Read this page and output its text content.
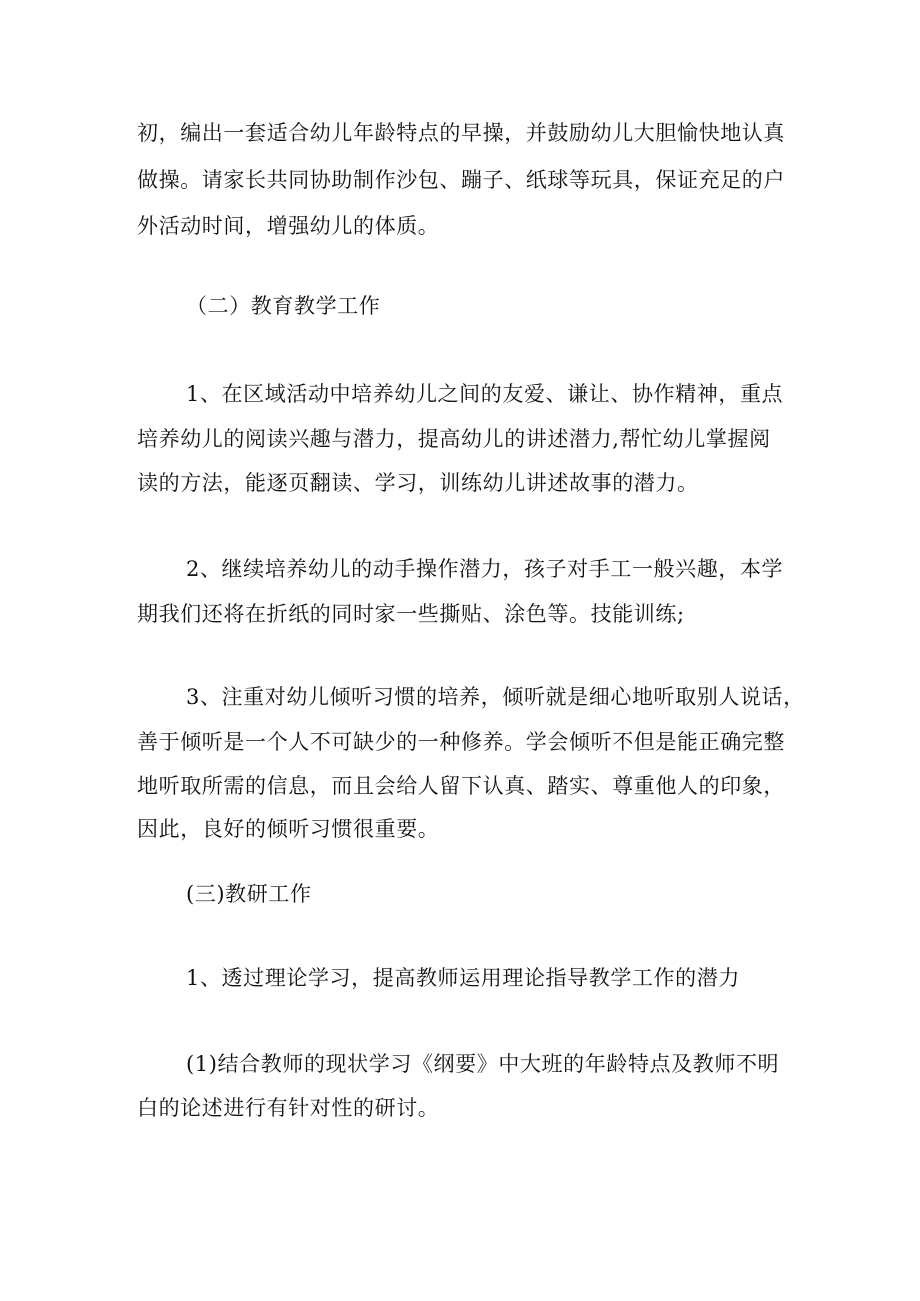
初，编出一套适合幼儿年龄特点的早操，并鼓励幼儿大胆愉快地认真
做操。请家长共同协助制作沙包、蹦子、纸球等玩具，保证充足的户
外活动时间，增强幼儿的体质。
（二）教育教学工作
1、在区域活动中培养幼儿之间的友爱、谦让、协作精神，重点
培养幼儿的阅读兴趣与潜力，提高幼儿的讲述潜力,帮忙幼儿掌握阅
读的方法，能逐页翻读、学习，训练幼儿讲述故事的潜力。
2、继续培养幼儿的动手操作潜力，孩子对手工一般兴趣，本学
期我们还将在折纸的同时家一些撕贴、涂色等。技能训练;
3、注重对幼儿倾听习惯的培养，倾听就是细心地听取别人说话，
善于倾听是一个人不可缺少的一种修养。学会倾听不但是能正确完整
地听取所需的信息，而且会给人留下认真、踏实、尊重他人的印象，
因此，良好的倾听习惯很重要。
(三)教研工作
1、透过理论学习，提高教师运用理论指导教学工作的潜力
(1)结合教师的现状学习《纲要》中大班的年龄特点及教师不明
白的论述进行有针对性的研讨。
